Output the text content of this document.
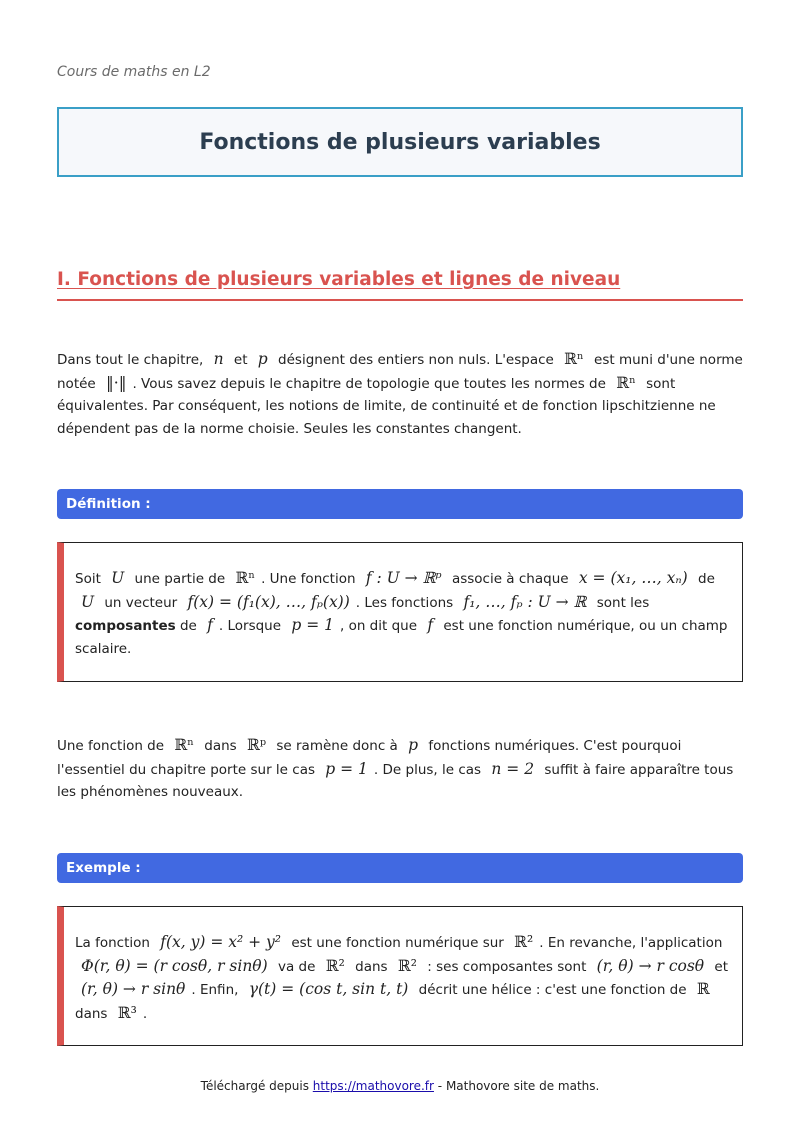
Cours de maths en L2
Fonctions de plusieurs variables
I. Fonctions de plusieurs variables et lignes de niveau
Dans tout le chapitre, n et p désignent des entiers non nuls. L'espace ℝⁿ est muni d'une norme notée ‖·‖ . Vous savez depuis le chapitre de topologie que toutes les normes de ℝⁿ sont équivalentes. Par conséquent, les notions de limite, de continuité et de fonction lipschitzienne ne dépendent pas de la norme choisie. Seules les constantes changent.
Définition :
Soit U une partie de ℝⁿ . Une fonction f : U → ℝᵖ associe à chaque x = (x₁, …, xₙ) de U un vecteur f(x) = (f₁(x), …, fₚ(x)) . Les fonctions f₁, …, fₚ : U → ℝ sont les composantes de f . Lorsque p = 1 , on dit que f est une fonction numérique, ou un champ scalaire.
Une fonction de ℝⁿ dans ℝᵖ se ramène donc à p fonctions numériques. C'est pourquoi l'essentiel du chapitre porte sur le cas p = 1 . De plus, le cas n = 2 suffit à faire apparaître tous les phénomènes nouveaux.
Exemple :
La fonction f(x, y) = x² + y² est une fonction numérique sur ℝ² . En revanche, l'application Φ(r, θ) = (r cosθ, r sinθ) va de ℝ² dans ℝ² : ses composantes sont (r, θ) → r cosθ et (r, θ) → r sinθ . Enfin, γ(t) = (cos t, sin t, t) décrit une hélice : c'est une fonction de ℝ dans ℝ³ .
Téléchargé depuis https://mathovore.fr - Mathovore site de maths.
